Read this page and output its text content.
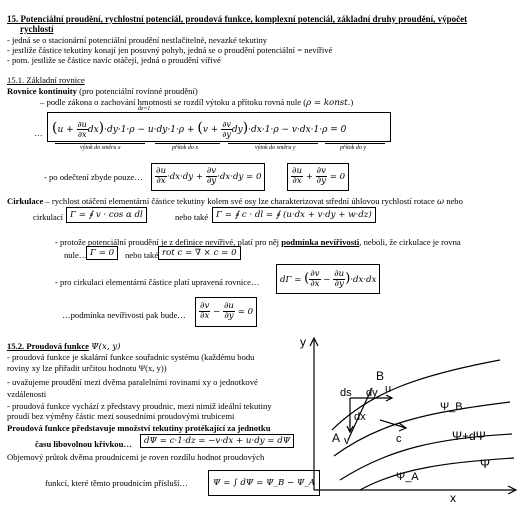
15. Potenciální proudění, rychlostní potenciál, proudová funkce, komplexní potenciál, základní druhy proudění, výpočet
rychlostí
- jedná se o stacionární potenciální proudění nestlačitelné, nevazké tekutiny
- jestliže částice tekutiny konají jen posuvný pohyb, jedná se o proudění potenciální = nevířivé
- pom. jestliže se částice navíc otáčejí, jedná o proudění vířivé
15.1. Základní rovnice
Rovnice kontinuity (pro potenciální rovinné proudění)
– podle zákona o zachování hmotnosti se rozdíl výtoku a přítoku rovná nule (ρ = konst.)
$(u + \frac{\partial u}{\partial x} dx)\cdot dy\cdot 1\cdot\rho - u\cdot dy\cdot 1\cdot\rho + (v + \frac{\partial v}{\partial y} dy)\cdot dx\cdot 1\cdot\rho - v\cdot dx\cdot 1\cdot\rho = 0$
dz=1
…
výtok do směru x	přítok do x	výtok do směru y	přítok do y
- po odečtení zbyde pouze… $\frac{\partial u}{\partial x} \cdot dx\cdot dy + \frac{\partial v}{\partial y} \cdot dx\cdot dy = 0$	$\frac{\partial u}{\partial x} + \frac{\partial v}{\partial y} = 0$
Cirkulace – rychlost otáčení elementární částice tekutiny kolem své osy lze charakterizovat střední úhlovou rychlostí rotace ω nebo
cirkulací Γ = ∮ v · cos α dl	nebo také Γ = ∮ c · dl = ∮ (u·dx + v·dy + w·dz)
- protože potenciální proudění je z definice nevířivé, platí pro něj podmínka nevířivosti, neboli, že cirkulace je rovna
nule… Γ = 0	nebo také rot c = ∇ × c = 0
- pro cirkulaci elementární částice platí upravená rovnice…	dΓ = ( $\frac{\partial v}{\partial x} - \frac{\partial u}{\partial y} )\cdot dx\cdot dx$
…podmínka nevířivosti pak bude… $\frac{\partial v}{\partial x} - \frac{\partial u}{\partial y} = 0$
15.2. Proudová funkce Ψ(x, y)
- proudová funkce je skalární funkce souřadnic systému (každému bodu
roviny xy lze přiřadit určitou hodnotu Ψ(x, y))
- uvažujeme proudění mezi dvěma paralelními rovinami xy o jednotkové
vzdálenosti
- proudová funkce vychází z představy proudnic, mezi nimiž ideální tekutiny
proudí bez výměny částic mezi sousedními proudovými trubicemi
Proudová funkce představuje množství tekutiny protékající za jednotku
času libovolnou křivkou…	dΨ = c·1·dz = −v·dx + u·dy = dΨ
Objemový průtok dvěma proudnicemi je roven rozdílu hodnot proudových
funkcí, které těmto proudnicím přísluší…	Ψ = ∫ dΨ = Ψ_B − Ψ_A
y
x
B
A
ds dy u
dx
v	c
Ψ_B
Ψ+dΨ
Ψ
Ψ_A
